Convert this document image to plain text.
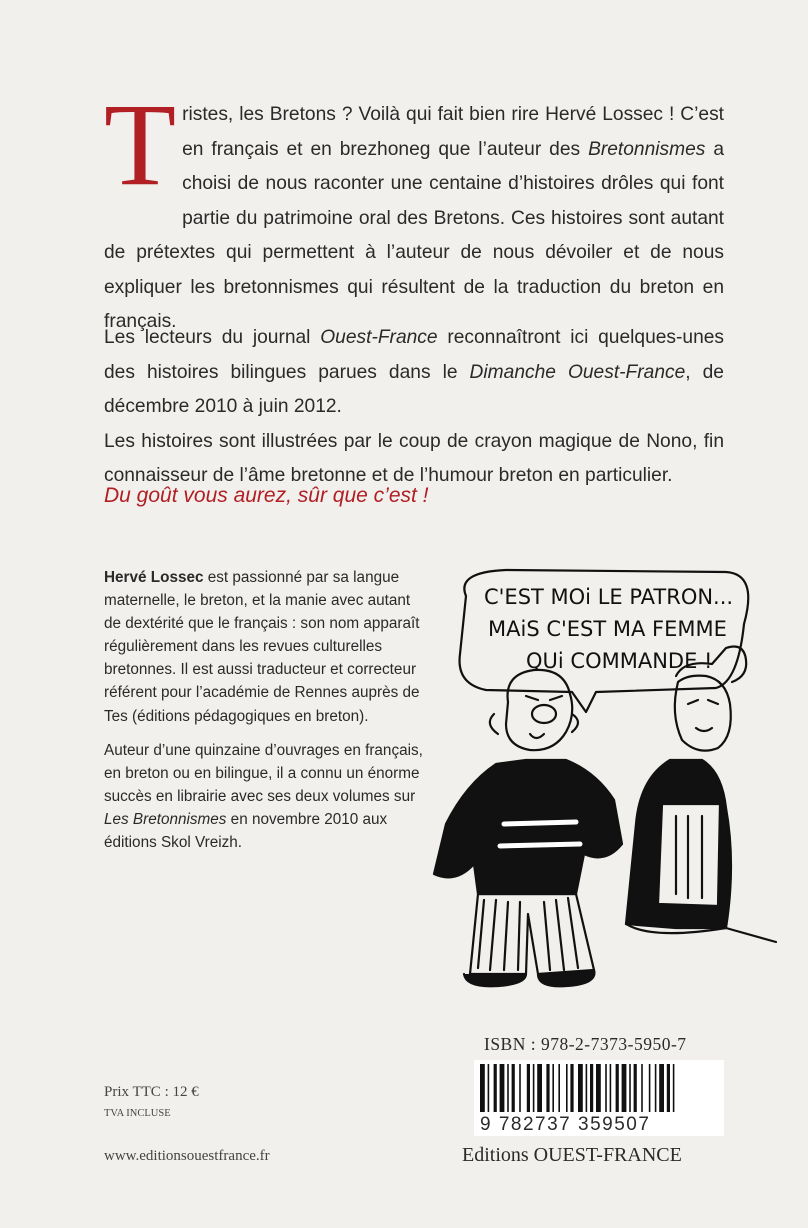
Tristes, les Bretons ? Voilà qui fait bien rire Hervé Lossec ! C’est en français et en brezhoneg que l’auteur des Bretonnismes a choisi de nous raconter une centaine d’histoires drôles qui font partie du patrimoine oral des Bretons. Ces histoires sont autant de prétextes qui permettent à l’auteur de nous dévoiler et de nous expliquer les bretonnismes qui résultent de la traduction du breton en français.

Les lecteurs du journal Ouest-France reconnaîtront ici quelques-unes des histoires bilingues parues dans le Dimanche Ouest-France, de décembre 2010 à juin 2012.

Les histoires sont illustrées par le coup de crayon magique de Nono, fin connaisseur de l’âme bretonne et de l’humour breton en particulier.

Du goût vous aurez, sûr que c’est !

Hervé Lossec est passionné par sa langue maternelle, le breton, et la manie avec autant de dextérité que le français : son nom apparaît régulièrement dans les revues culturelles bretonnes. Il est aussi traducteur et correcteur référent pour l’académie de Rennes auprès de Tes (éditions pédagogiques en breton).

Auteur d’une quinzaine d’ouvrages en français, en breton ou en bilingue, il a connu un énorme succès en librairie avec ses deux volumes sur Les Bretonnismes en novembre 2010 aux éditions Skol Vreizh.

C'EST MOi LE PATRON...
MAiS C'EST MA FEMME
QUi COMMANDE !
ISBN : 978-2-7373-5950-7
9 782737 359507
Editions OUEST-FRANCE
Prix TTC : 12 €
TVA INCLUSE
www.editionsouestfrance.fr
